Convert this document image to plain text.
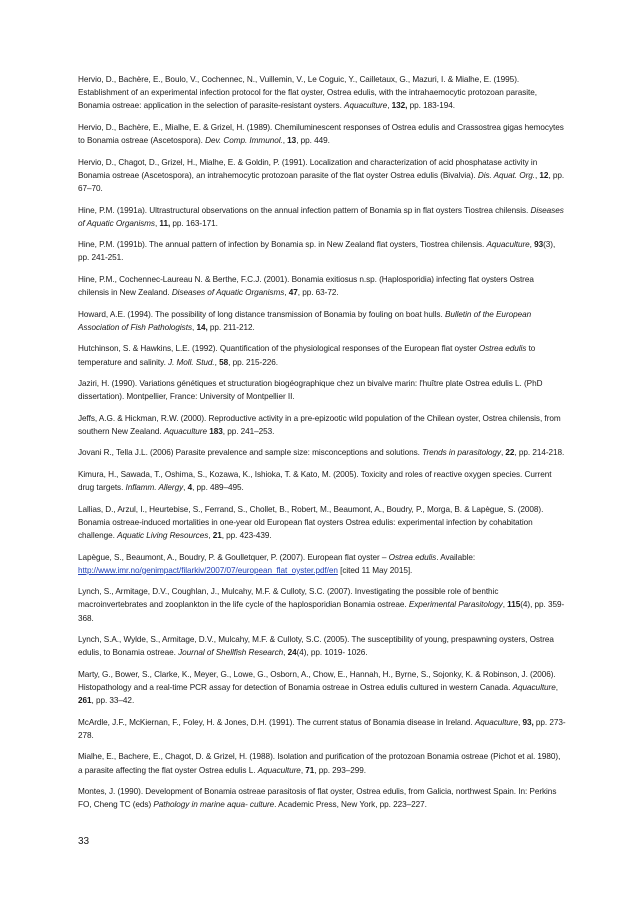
Hervio, D., Bachère, E., Boulo, V., Cochennec, N., Vuillemin, V., Le Coguic, Y., Cailletaux, G., Mazuri, I. & Mialhe, E. (1995). Establishment of an experimental infection protocol for the flat oyster, Ostrea edulis, with the intrahaemocytic protozoan parasite, Bonamia ostreae: application in the selection of parasite-resistant oysters. Aquaculture, 132, pp. 183-194.
Hervio, D., Bachère, E., Mialhe, E. & Grizel, H. (1989). Chemiluminescent responses of Ostrea edulis and Crassostrea gigas hemocytes to Bonamia ostreae (Ascetospora). Dev. Comp. Immunol., 13, pp. 449.
Hervio, D., Chagot, D., Grizel, H., Mialhe, E. & Goldin, P. (1991). Localization and characterization of acid phosphatase activity in Bonamia ostreae (Ascetospora), an intrahemocytic protozoan parasite of the flat oyster Ostrea edulis (Bivalvia). Dis. Aquat. Org., 12, pp. 67–70.
Hine, P.M. (1991a). Ultrastructural observations on the annual infection pattern of Bonamia sp in flat oysters Tiostrea chilensis. Diseases of Aquatic Organisms, 11, pp. 163-171.
Hine, P.M. (1991b). The annual pattern of infection by Bonamia sp. in New Zealand flat oysters, Tiostrea chilensis. Aquaculture, 93(3), pp. 241-251.
Hine, P.M., Cochennec-Laureau N. & Berthe, F.C.J. (2001). Bonamia exitiosus n.sp. (Haplosporidia) infecting flat oysters Ostrea chilensis in New Zealand. Diseases of Aquatic Organisms, 47, pp. 63-72.
Howard, A.E. (1994). The possibility of long distance transmission of Bonamia by fouling on boat hulls. Bulletin of the European Association of Fish Pathologists, 14, pp. 211-212.
Hutchinson, S. & Hawkins, L.E. (1992). Quantification of the physiological responses of the European flat oyster Ostrea edulis to temperature and salinity. J. Moll. Stud., 58, pp. 215-226.
Jaziri, H. (1990). Variations génétiques et structuration biogéographique chez un bivalve marin: l'huître plate Ostrea edulis L. (PhD dissertation). Montpellier, France: University of Montpellier II.
Jeffs, A.G. & Hickman, R.W. (2000). Reproductive activity in a pre-epizootic wild population of the Chilean oyster, Ostrea chilensis, from southern New Zealand. Aquaculture 183, pp. 241–253.
Jovani R., Tella J.L. (2006) Parasite prevalence and sample size: misconceptions and solutions. Trends in parasitology, 22, pp. 214-218.
Kimura, H., Sawada, T., Oshima, S., Kozawa, K., Ishioka, T. & Kato, M. (2005). Toxicity and roles of reactive oxygen species. Current drug targets. Inflamm. Allergy, 4, pp. 489–495.
Lallias, D., Arzul, I., Heurtebise, S., Ferrand, S., Chollet, B., Robert, M., Beaumont, A., Boudry, P., Morga, B. & Lapègue, S. (2008). Bonamia ostreae-induced mortalities in one-year old European flat oysters Ostrea edulis: experimental infection by cohabitation challenge. Aquatic Living Resources, 21, pp. 423-439.
Lapègue, S., Beaumont, A., Boudry, P. & Goulletquer, P. (2007). European flat oyster – Ostrea edulis. Available: http://www.imr.no/genimpact/filarkiv/2007/07/european_flat_oyster.pdf/en [cited 11 May 2015].
Lynch, S., Armitage, D.V., Coughlan, J., Mulcahy, M.F. & Culloty, S.C. (2007). Investigating the possible role of benthic macroinvertebrates and zooplankton in the life cycle of the haplosporidian Bonamia ostreae. Experimental Parasitology, 115(4), pp. 359-368.
Lynch, S.A., Wylde, S., Armitage, D.V., Mulcahy, M.F. & Culloty, S.C. (2005). The susceptibility of young, prespawning oysters, Ostrea edulis, to Bonamia ostreae. Journal of Shellfish Research, 24(4), pp. 1019- 1026.
Marty, G., Bower, S., Clarke, K., Meyer, G., Lowe, G., Osborn, A., Chow, E., Hannah, H., Byrne, S., Sojonky, K. & Robinson, J. (2006). Histopathology and a real-time PCR assay for detection of Bonamia ostreae in Ostrea edulis cultured in western Canada. Aquaculture, 261, pp. 33–42.
McArdle, J.F., McKiernan, F., Foley, H. & Jones, D.H. (1991). The current status of Bonamia disease in Ireland. Aquaculture, 93, pp. 273-278.
Mialhe, E., Bachere, E., Chagot, D. & Grizel, H. (1988). Isolation and purification of the protozoan Bonamia ostreae (Pichot et al. 1980), a parasite affecting the flat oyster Ostrea edulis L. Aquaculture, 71, pp. 293–299.
Montes, J. (1990). Development of Bonamia ostreae parasitosis of flat oyster, Ostrea edulis, from Galicia, northwest Spain. In: Perkins FO, Cheng TC (eds) Pathology in marine aqua- culture. Academic Press, New York, pp. 223–227.
33
